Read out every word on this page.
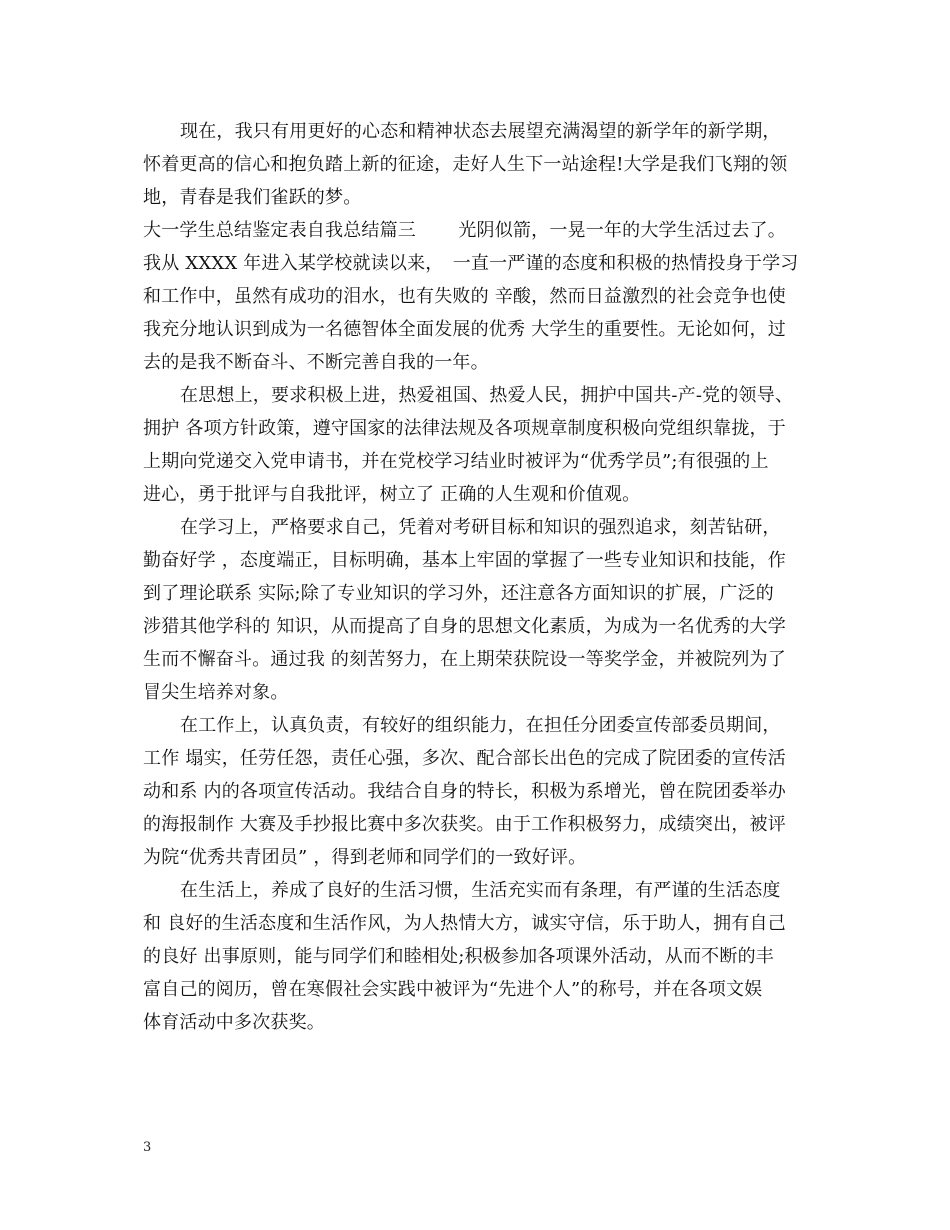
现在，我只有用更好的心态和精神状态去展望充满渴望的新学年的新学期，
怀着更高的信心和抱负踏上新的征途，走好人生下一站途程!大学是我们飞翔的领
地，青春是我们雀跃的梦。
大一学生总结鉴定表自我总结篇三　　 光阴似箭，一晃一年的大学生活过去了。
我从 XXXX 年进入某学校就读以来，　一直一严谨的态度和积极的热情投身于学习
和工作中，虽然有成功的泪水，也有失败的 辛酸，然而日益激烈的社会竞争也使
我充分地认识到成为一名德智体全面发展的优秀 大学生的重要性。无论如何，过
去的是我不断奋斗、不断完善自我的一年。
在思想上，要求积极上进，热爱祖国、热爱人民，拥护中国共-产-党的领导、
拥护 各项方针政策，遵守国家的法律法规及各项规章制度积极向党组织靠拢，于
上期向党递交入党申请书，并在党校学习结业时被评为“优秀学员”;有很强的上
进心，勇于批评与自我批评，树立了 正确的人生观和价值观。
在学习上，严格要求自己，凭着对考研目标和知识的强烈追求，刻苦钻研，
勤奋好学 ，态度端正，目标明确，基本上牢固的掌握了一些专业知识和技能，作
到了理论联系 实际;除了专业知识的学习外，还注意各方面知识的扩展，广泛的
涉猎其他学科的 知识，从而提高了自身的思想文化素质，为成为一名优秀的大学
生而不懈奋斗。通过我 的刻苦努力，在上期荣获院设一等奖学金，并被院列为了
冒尖生培养对象。
在工作上，认真负责，有较好的组织能力，在担任分团委宣传部委员期间，
工作 塌实，任劳任怨，责任心强，多次、配合部长出色的完成了院团委的宣传活
动和系 内的各项宣传活动。我结合自身的特长，积极为系增光，曾在院团委举办
的海报制作 大赛及手抄报比赛中多次获奖。由于工作积极努力，成绩突出，被评
为院“优秀共青团员” ，得到老师和同学们的一致好评。
在生活上，养成了良好的生活习惯，生活充实而有条理，有严谨的生活态度
和 良好的生活态度和生活作风，为人热情大方，诚实守信，乐于助人，拥有自己
的良好 出事原则，能与同学们和睦相处;积极参加各项课外活动，从而不断的丰
富自己的阅历，曾在寒假社会实践中被评为“先进个人”的称号，并在各项文娱
体育活动中多次获奖。
3
